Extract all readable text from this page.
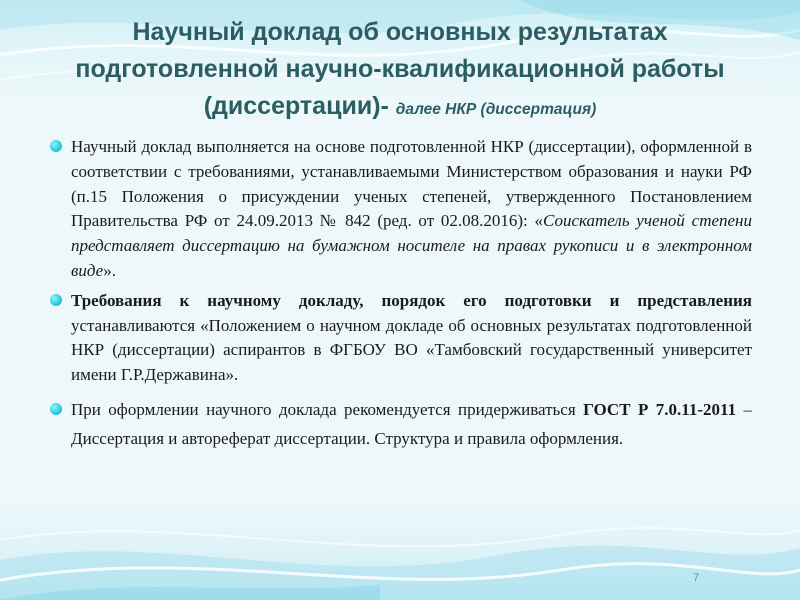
Научный доклад об основных результатах подготовленной научно-квалификационной работы (диссертации)- далее НКР (диссертация)
Научный доклад выполняется на основе подготовленной НКР (диссертации), оформленной в соответствии с требованиями, устанавливаемыми Министерством образования и науки РФ (п.15 Положения о присуждении ученых степеней, утвержденного Постановлением Правительства РФ от 24.09.2013 № 842 (ред. от 02.08.2016): «Соискатель ученой степени представляет диссертацию на бумажном носителе на правах рукописи и в электронном виде».
Требования к научному докладу, порядок его подготовки и представления устанавливаются «Положением о научном докладе об основных результатах подготовленной НКР (диссертации) аспирантов в ФГБОУ ВО «Тамбовский государственный университет имени Г.Р.Державина».
При оформлении научного доклада рекомендуется придерживаться ГОСТ Р 7.0.11-2011 – Диссертация и автореферат диссертации. Структура и правила оформления.
7
